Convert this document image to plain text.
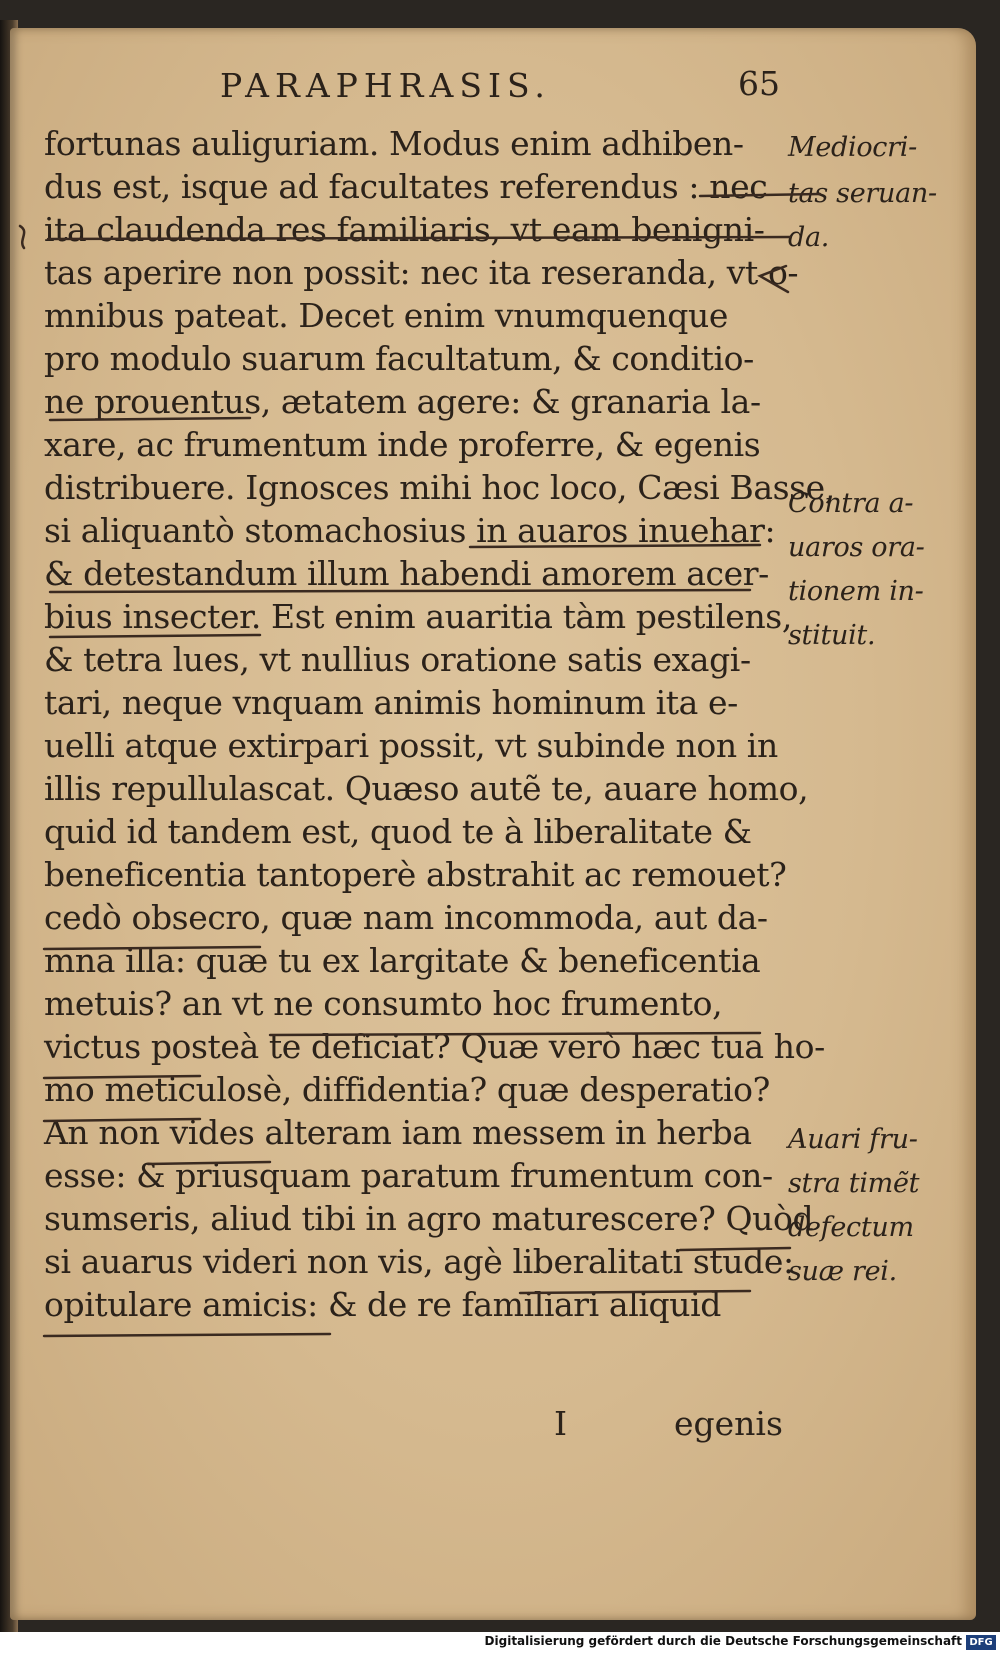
PARAPHRASIS.	65
fortunas auliguriam. Modus enim adhiben-
dus est, isque ad facultates referendus : nec
ita claudenda res familiaris, vt eam benigni-
tas aperire non possit: nec ita reseranda, vt o-
mnibus pateat. Decet enim vnumquenque
pro modulo suarum facultatum, & conditio-
ne prouentus, ætatem agere: & granaria la-
xare, ac frumentum inde proferre, & egenis
distribuere. Ignosces mihi hoc loco, Cæsi Basse,
si aliquantò stomachosius in auaros inuehar:
& detestandum illum habendi amorem acer-
bius insecter. Est enim auaritia tàm pestilens,
& tetra lues, vt nullius oratione satis exagi-
tari, neque vnquam animis hominum ita e-
uelli atque extirpari possit, vt subinde non in
illis repullulascat. Quæso autẽ te, auare homo,
quid id tandem est, quod te à liberalitate &
beneficentia tantoperè abstrahit ac remouet?
cedò obsecro, quæ nam incommoda, aut da-
mna illa: quæ tu ex largitate & beneficentia
metuis? an vt ne consumto hoc frumento,
victus posteà te deficiat? Quæ verò hæc tua ho-
mo meticulosè, diffidentia? quæ desperatio?
An non vides alteram iam messem in herba
esse: & priusquam paratum frumentum con-
sumseris, aliud tibi in agro maturescere? Quòd
si auarus videri non vis, agè liberalitati stude:
opitulare amicis: & de re familiari aliquid
Mediocri-
tas seruan-
da.
Contra a-
uaros ora-
tionem in-
stituit.
Auari fru-
stra timẽt
defectum
suæ rei.
I	egenis
Digitalisierung gefördert durch die Deutsche Forschungsgemeinschaft DFG
